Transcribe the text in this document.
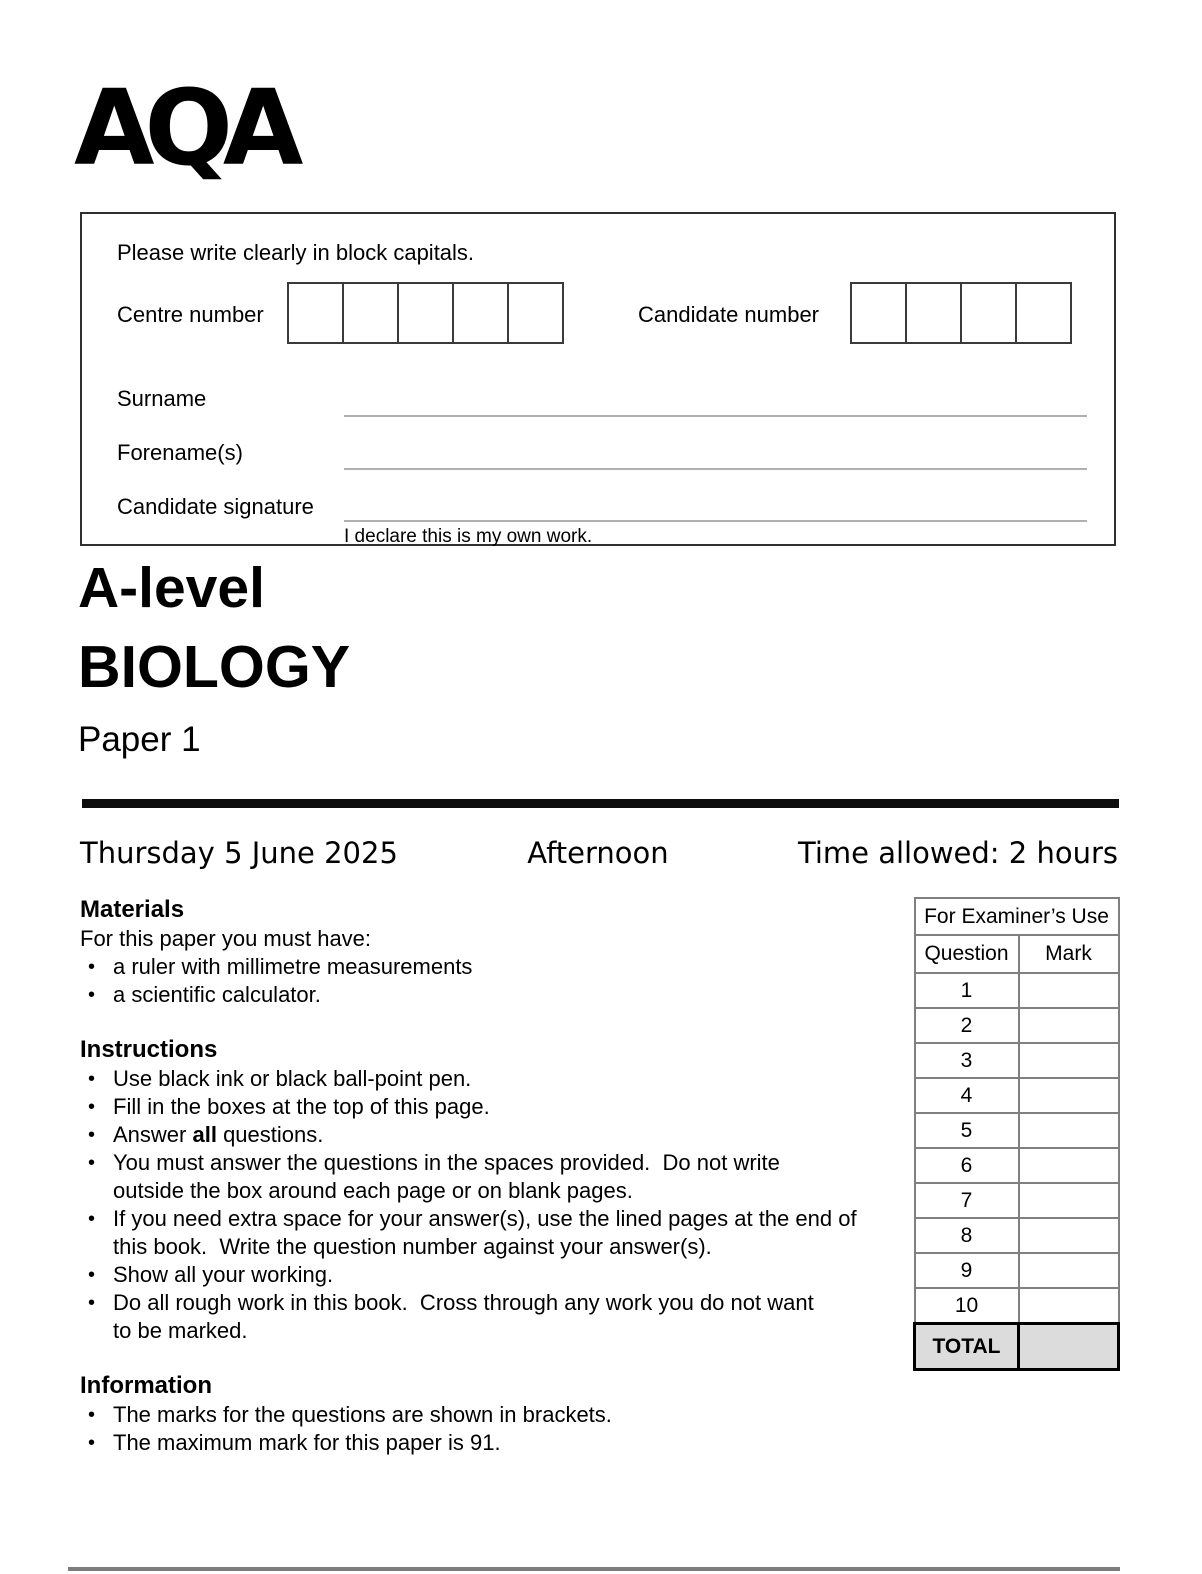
AQA
Please write clearly in block capitals.
Centre number	Candidate number
Surname
Forename(s)
Candidate signature
I declare this is my own work.
A-level
BIOLOGY
Paper 1
Thursday 5 June 2025	Afternoon	Time allowed: 2 hours
Materials

For this paper you must have:

• a ruler with millimetre measurements
• a scientific calculator.
Instructions
• Use black ink or black ball-point pen.
• Fill in the boxes at the top of this page.
• Answer all questions.
• You must answer the questions in the spaces provided.  Do not write
outside the box around each page or on blank pages.
• If you need extra space for your answer(s), use the lined pages at the end of
this book.  Write the question number against your answer(s).
• Show all your working.
• Do all rough work in this book.  Cross through any work you do not want
to be marked.
Information
• The marks for the questions are shown in brackets.
• The maximum mark for this paper is 91.
For Examiner’s Use	
Question	Mark
1	
2	
3	
4	
5	
6	
7	
8	
9	
10	
TOTAL	
